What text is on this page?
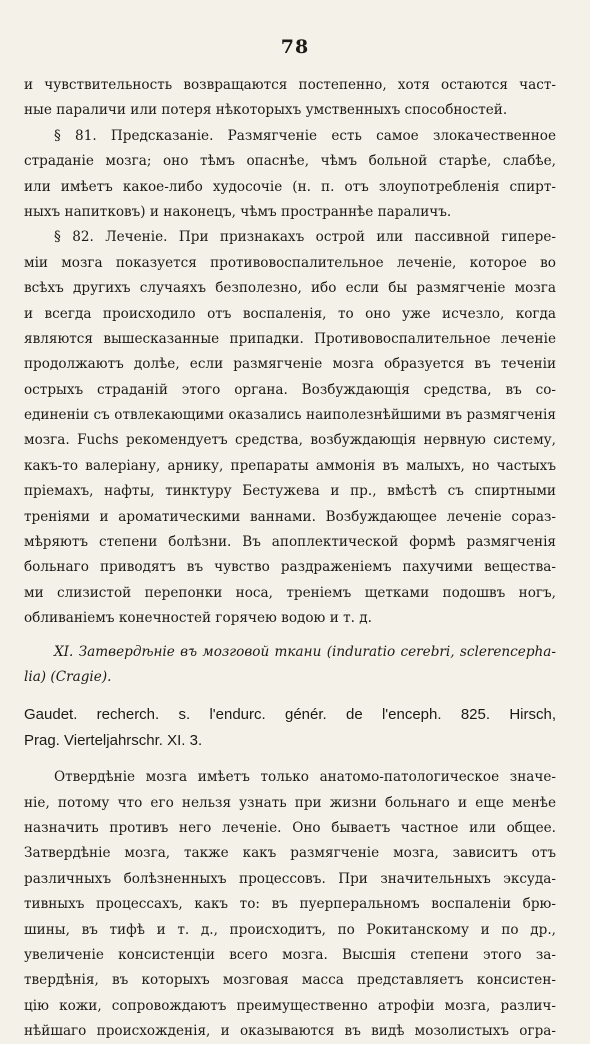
78
и чувствительность возвращаются постепенно, хотя остаются част-
ные параличи или потеря нѣкоторыхъ умственныхъ способностей.
§ 81. Предсказаніе. Размягченіе есть самое злокачественное
страданіе мозга; оно тѣмъ опаснѣе, чѣмъ больной старѣе, слабѣе,
или имѣетъ какое-либо худосочіе (н. п. отъ злоупотребленія спирт-
ныхъ напитковъ) и наконецъ, чѣмъ пространнѣе параличъ.
§ 82. Леченіе. При признакахъ острой или пассивной гипере-
міи мозга показуется противовоспалительное леченіе, которое во
всѣхъ другихъ случаяхъ безполезно, ибо если бы размягченіе мозга
и всегда происходило отъ воспаленія, то оно уже исчезло, когда
являются вышесказанные припадки. Противовоспалительное леченіе
продолжаютъ долѣе, если размягченіе мозга образуется въ теченіи
острыхъ страданій этого органа. Возбуждающія средства, въ со-
единеніи съ отвлекающими оказались наиполезнѣйшими въ размягченія
мозга. Fuchs рекомендуетъ средства, возбуждающія нервную систему,
какъ-то валеріану, арнику, препараты аммонія въ малыхъ, но частыхъ
пріемахъ, нафты, тинктуру Бестужева и пр., вмѣстѣ съ спиртными
треніями и ароматическими ваннами. Возбуждающее леченіе сораз-
мѣряютъ степени болѣзни. Въ апоплектической формѣ размягченія
больнаго приводятъ въ чувство раздраженіемъ пахучими вещества-
ми слизистой перепонки носа, треніемъ щетками подошвъ ногъ,
обливаніемъ конечностей горячею водою и т. д.
XI. Затвердѣніе въ мозговой ткани (induratio cerebri, sclerencepha-
lia) (Cragie).
Gaudet. recherch. s. l'endurc. génér. de l'enceph. 825. Hirsch,
Prag. Vierteljahrschr. XI. 3.
Отвердѣніе мозга имѣетъ только анатомо-патологическое значе-
ніе, потому что его нельзя узнать при жизни больнаго и еще менѣе
назначить противъ него леченіе. Оно бываетъ частное или общее.
Затвердѣніе мозга, также какъ размягченіе мозга, зависитъ отъ
различныхъ болѣзненныхъ процессовъ. При значительныхъ эксуда-
тивныхъ процессахъ, какъ то: въ пуерперальномъ воспаленіи брю-
шины, въ тифѣ и т. д., происходитъ, по Рокитанскому и по др.,
увеличеніе консистенціи всего мозга. Высшія степени этого за-
твердѣнія, въ которыхъ мозговая масса представляетъ консистен-
цію кожи, сопровождаютъ преимущественно атрофіи мозга, различ-
нѣйшаго происхожденія, и оказываются въ видѣ мозолистыхъ огра-
